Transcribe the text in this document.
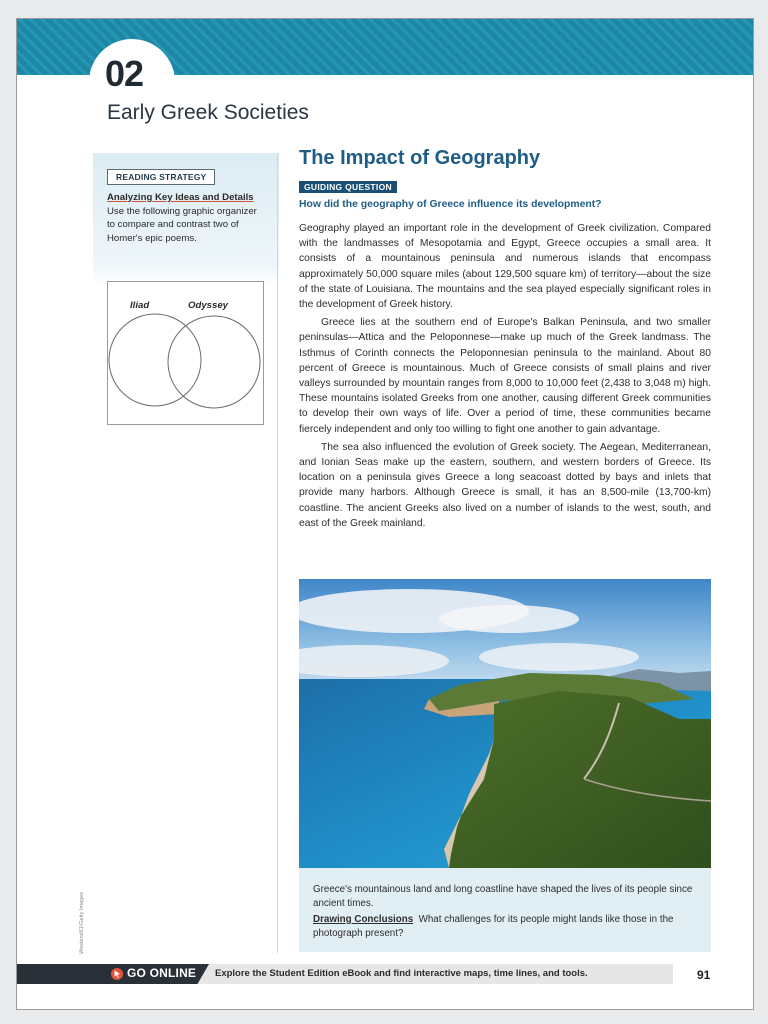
02
Early Greek Societies
READING STRATEGY
Analyzing Key Ideas and Details  Use the following graphic organizer to compare and contrast two of Homer's epic poems.
Iliad	Odyssey
The Impact of Geography
GUIDING QUESTION
How did the geography of Greece influence its development?

Geography played an important role in the development of Greek civilization. Compared with the landmasses of Mesopotamia and Egypt, Greece occupies a small area. It consists of a mountainous peninsula and numerous islands that encompass approximately 50,000 square miles (about 129,500 square km) of territory—about the size of the state of Louisiana. The mountains and the sea played especially significant roles in the development of Greek history.

Greece lies at the southern end of Europe's Balkan Peninsula, and two smaller peninsulas—Attica and the Peloponnese—make up much of the Greek landmass. The Isthmus of Corinth connects the Peloponnesian peninsula to the mainland. About 80 percent of Greece is mountainous. Much of Greece consists of small plains and river valleys surrounded by mountain ranges from 8,000 to 10,000 feet (2,438 to 3,048 m) high. These mountains isolated Greeks from one another, causing different Greek communities to develop their own ways of life. Over a period of time, these communities became fiercely independent and only too willing to fight one another to gain advantage.

The sea also influenced the evolution of Greek society. The Aegean, Mediterranean, and Ionian Seas make up the eastern, southern, and western borders of Greece. Its location on a peninsula gives Greece a long seacoast dotted by bays and inlets that provide many harbors. Although Greece is small, it has an 8,500-mile (13,700-km) coastline. The ancient Greeks also lived on a number of islands to the west, south, and east of the Greek mainland.

Greece's mountainous land and long coastline have shaped the lives of its people since ancient times.
Drawing Conclusions What challenges for its people might lands like those in the photograph present?
Westend61/Getty Images
GO ONLINE Explore the Student Edition eBook and find interactive maps, time lines, and tools.	91
